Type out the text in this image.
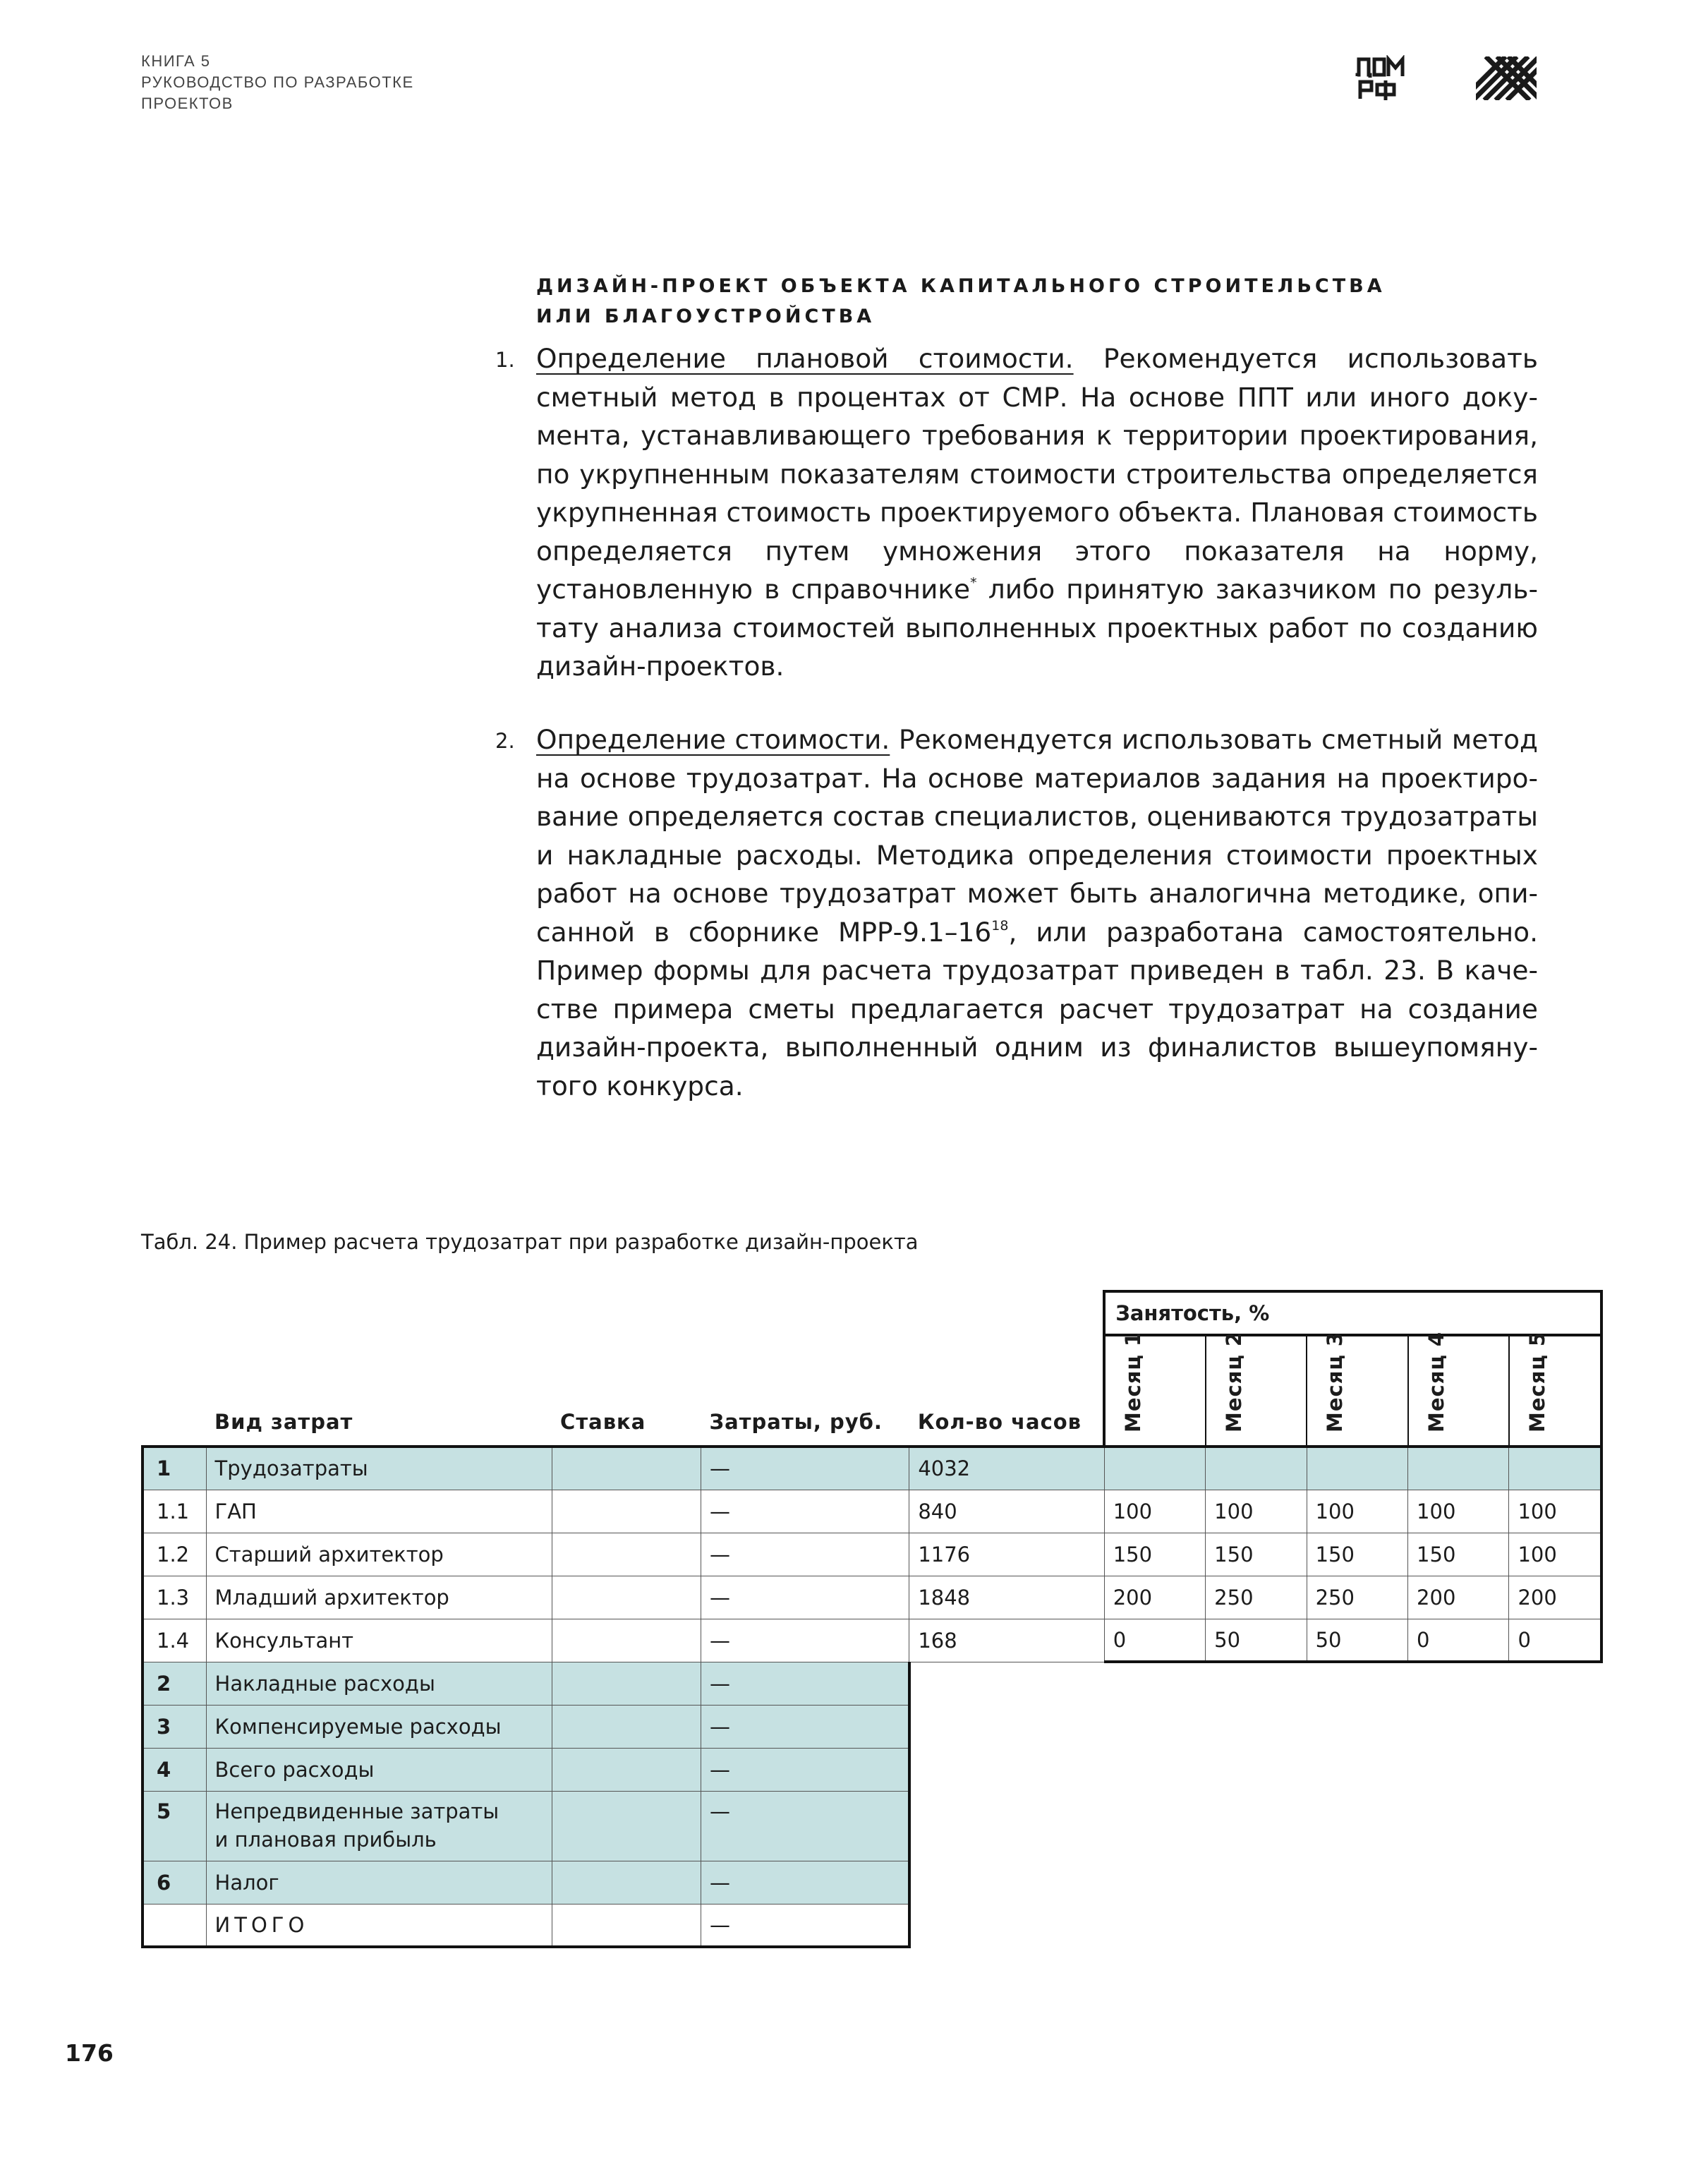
КНИГА 5
РУКОВОДСТВО ПО РАЗРАБОТКЕ
ПРОЕКТОВ
ДИЗАЙН-ПРОЕКТ ОБЪЕКТА КАПИТАЛЬНОГО СТРОИТЕЛЬСТВА
ИЛИ БЛАГОУСТРОЙСТВА
1. Определение плановой стоимости. Рекомендуется использовать сметный метод в процентах от СМР. На основе ППТ или иного документа, устанавливающего требования к территории проектирования, по укрупненным показателям стоимости строительства определяется укрупненная стоимость проектируемого объекта. Плановая стоимость определяется путем умножения этого показателя на норму, установленную в справочнике* либо принятую заказчиком по результату анализа стоимостей выполненных проектных работ по созданию дизайн-проектов.
2. Определение стоимости. Рекомендуется использовать сметный метод на основе трудозатрат. На основе материалов задания на проектирование определяется состав специалистов, оцениваются трудозатраты и накладные расходы. Методика определения стоимости проектных работ на основе трудозатрат может быть аналогична методике, описанной в сборнике МРР-$9.1-16^{18}$, или разработана самостоятельно. Пример формы для расчета трудозатрат приведен в табл. 23. В качестве примера сметы предлагается расчет трудозатрат на создание дизайн-проекта, выполненный одним из финалистов вышеупомянутого конкурса.
Табл. 24. Пример расчета трудозатрат при разработке дизайн-проекта
					Занятость, %				
	Вид затрат	Ставка	Затраты, руб.	Кол-во часов	Месяц 1	Месяц 2	Месяц 3	Месяц 4	Месяц 5

1	Трудозатраты		—	4032					
1.1	ГАП		—	840	100	100	100	100	100
1.2	Старший архитектор		—	1176	150	150	150	150	100
1.3	Младший архитектор		—	1848	200	250	250	200	200
1.4	Консультант		—	168	0	50	50	0	0
2	Накладные расходы		—						
3	Компенсируемые расходы		—						
4	Всего расходы		—						
5	Непредвиденные затраты
и плановая прибыль		—						
6	Налог		—						
	ИТОГО		—						
176
